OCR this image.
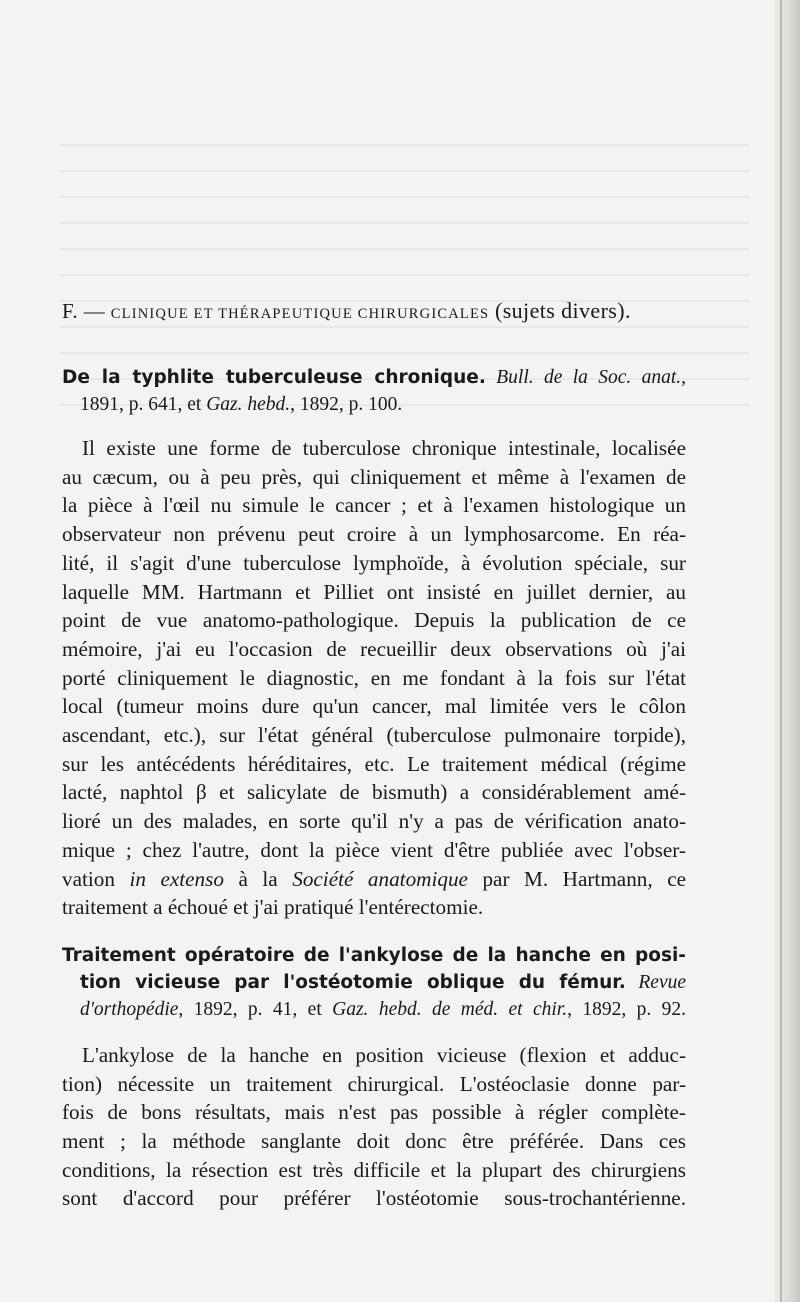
F. — CLINIQUE ET THÉRAPEUTIQUE CHIRURGICALES (sujets divers).

De la typhlite tuberculeuse chronique. Bull. de la Soc. anat.,
1891, p. 641, et Gaz. hebd., 1892, p. 100.

Il existe une forme de tuberculose chronique intestinale, localisée
au cæcum, ou à peu près, qui cliniquement et même à l'examen de
la pièce à l'œil nu simule le cancer ; et à l'examen histologique un
observateur non prévenu peut croire à un lymphosarcome. En réa-
lité, il s'agit d'une tuberculose lymphoïde, à évolution spéciale, sur
laquelle MM. Hartmann et Pilliet ont insisté en juillet dernier, au
point de vue anatomo-pathologique. Depuis la publication de ce
mémoire, j'ai eu l'occasion de recueillir deux observations où j'ai
porté cliniquement le diagnostic, en me fondant à la fois sur l'état
local (tumeur moins dure qu'un cancer, mal limitée vers le côlon
ascendant, etc.), sur l'état général (tuberculose pulmonaire torpide),
sur les antécédents héréditaires, etc. Le traitement médical (régime
lacté, naphtol β et salicylate de bismuth) a considérablement amé-
lioré un des malades, en sorte qu'il n'y a pas de vérification anato-
mique ; chez l'autre, dont la pièce vient d'être publiée avec l'obser-
vation in extenso à la Société anatomique par M. Hartmann, ce
traitement a échoué et j'ai pratiqué l'entérectomie.

Traitement opératoire de l'ankylose de la hanche en posi-
tion vicieuse par l'ostéotomie oblique du fémur. Revue
d'orthopédie, 1892, p. 41, et Gaz. hebd. de méd. et chir., 1892, p. 92.

L'ankylose de la hanche en position vicieuse (flexion et adduc-
tion) nécessite un traitement chirurgical. L'ostéoclasie donne par-
fois de bons résultats, mais n'est pas possible à régler complète-
ment ; la méthode sanglante doit donc être préférée. Dans ces
conditions, la résection est très difficile et la plupart des chirurgiens
sont d'accord pour préférer l'ostéotomie sous-trochantérienne.
